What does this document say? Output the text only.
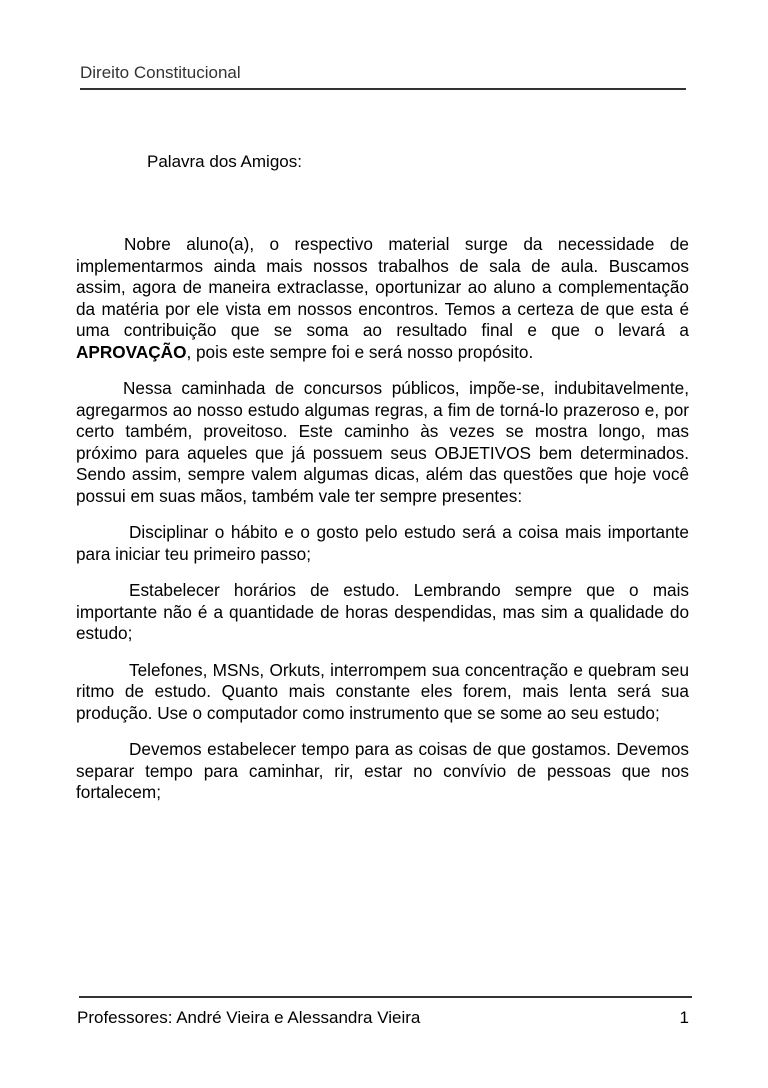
Direito Constitucional
Palavra dos Amigos:

Nobre aluno(a), o respectivo material surge da necessidade de implementarmos ainda mais nossos trabalhos de sala de aula. Buscamos assim, agora de maneira extraclasse, oportunizar ao aluno a complementação da matéria por ele vista em nossos encontros. Temos a certeza de que esta é uma contribuição que se soma ao resultado final e que o levará a APROVAÇÃO, pois este sempre foi e será nosso propósito.

Nessa caminhada de concursos públicos, impõe-se, indubitavelmente, agregarmos ao nosso estudo algumas regras, a fim de torná-lo prazeroso e, por certo também, proveitoso. Este caminho às vezes se mostra longo, mas próximo para aqueles que já possuem seus OBJETIVOS bem determinados. Sendo assim, sempre valem algumas dicas, além das questões que hoje você possui em suas mãos, também vale ter sempre presentes:

Disciplinar o hábito e o gosto pelo estudo será a coisa mais importante para iniciar teu primeiro passo;

Estabelecer horários de estudo. Lembrando sempre que o mais importante não é a quantidade de horas despendidas, mas sim a qualidade do estudo;

Telefones, MSNs, Orkuts, interrompem sua concentração e quebram seu ritmo de estudo. Quanto mais constante eles forem, mais lenta será sua produção. Use o computador como instrumento que se some ao seu estudo;

Devemos estabelecer tempo para as coisas de que gostamos. Devemos separar tempo para caminhar, rir, estar no convívio de pessoas que nos fortalecem;

Professores: André Vieira e Alessandra Vieira	1
